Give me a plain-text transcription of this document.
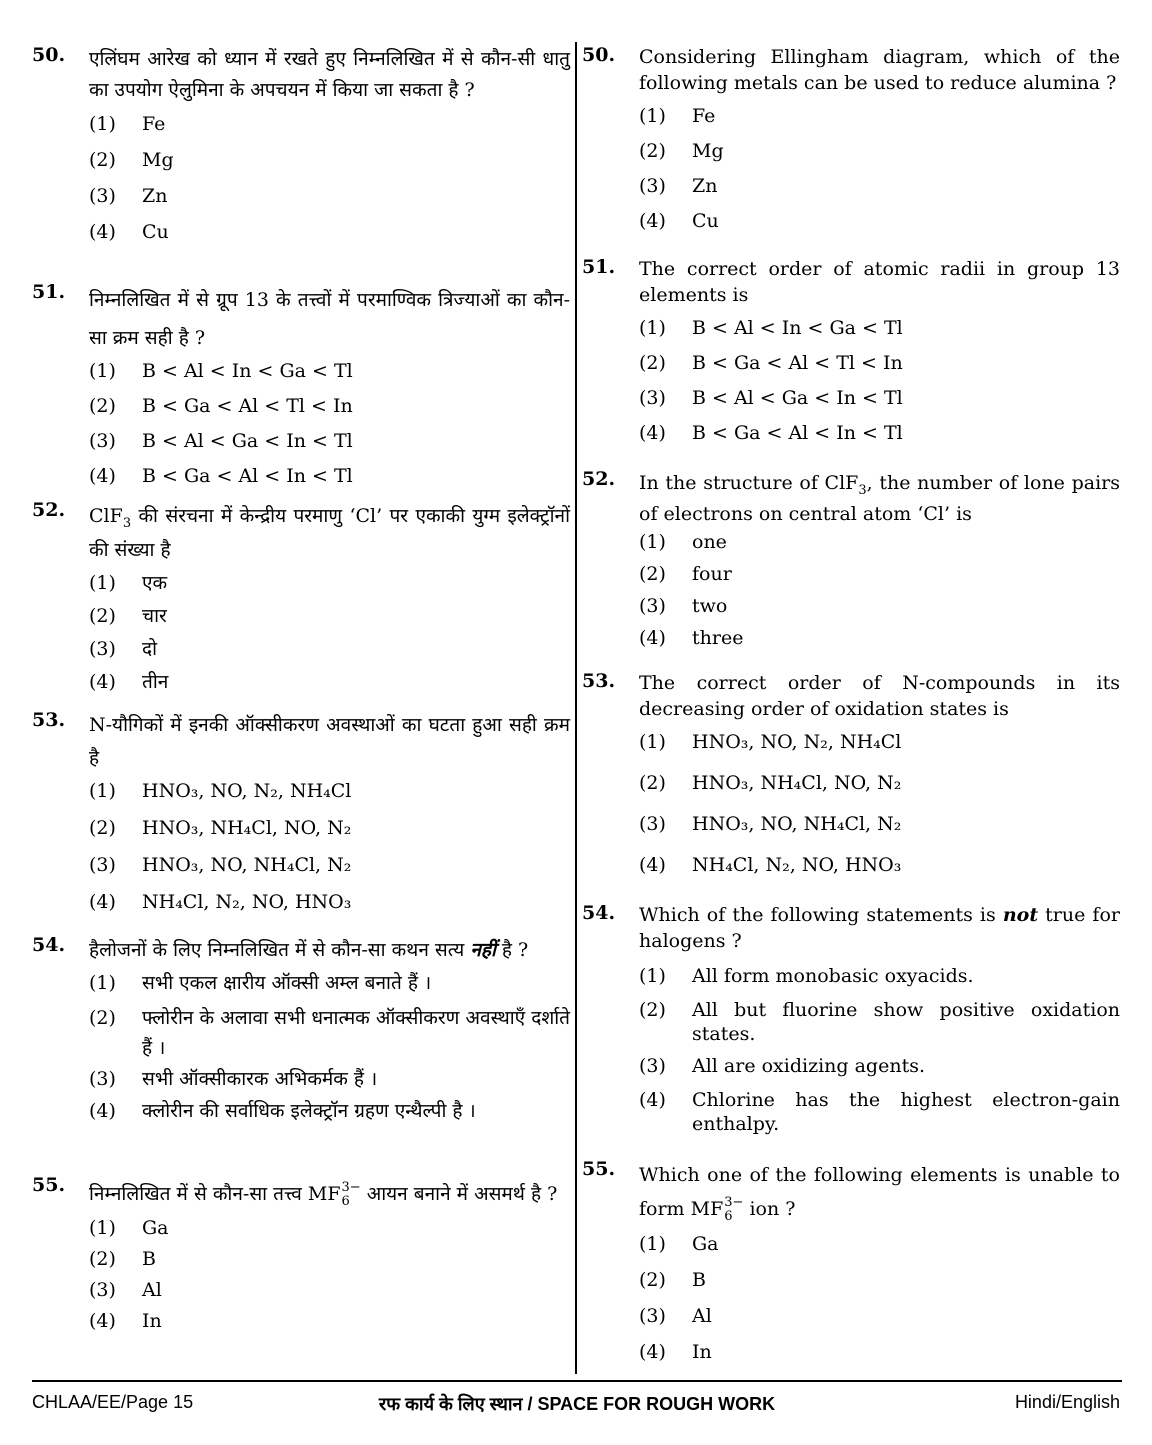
50. एलिंघम आरेख को ध्यान में रखते हुए निम्नलिखित में से कौन-सी धातु का उपयोग ऐलुमिना के अपचयन में किया जा सकता है ?
(1)	Fe
(2)	Mg
(3)	Zn
(4)	Cu
51. निम्नलिखित में से ग्रूप 13 के तत्त्वों में परमाण्विक त्रिज्याओं का कौन-सा क्रम सही है ?
(1)	B < Al < In < Ga < Tl
(2)	B < Ga < Al < Tl < In
(3)	B < Al < Ga < In < Tl
(4)	B < Ga < Al < In < Tl
52. ClF$_3$ की संरचना में केन्द्रीय परमाणु ‘Cl’ पर एकाकी युग्म इलेक्ट्रॉनों की संख्या है
(1)	एक
(2)	चार
(3)	दो
(4)	तीन
53. N-यौगिकों में इनकी ऑक्सीकरण अवस्थाओं का घटता हुआ सही क्रम है
(1)	HNO₃, NO, N₂, NH₄Cl
(2)	HNO₃, NH₄Cl, NO, N₂
(3)	HNO₃, NO, NH₄Cl, N₂
(4)	NH₄Cl, N₂, NO, HNO₃
54. हैलोजनों के लिए निम्नलिखित में से कौन-सा कथन सत्य नहीं है ?
(1)	सभी एकल क्षारीय ऑक्सी अम्ल बनाते हैं ।
(2)	फ्लोरीन के अलावा सभी धनात्मक ऑक्सीकरण अवस्थाएँ दर्शाते हैं ।
(3)	सभी ऑक्सीकारक अभिकर्मक हैं ।
(4)	क्लोरीन की सर्वाधिक इलेक्ट्रॉन ग्रहण एन्थैल्पी है ।
55. निम्नलिखित में से कौन-सा तत्त्व MF 3−
6 आयन बनाने में असमर्थ है ?
(1)	Ga
(2)	B
(3)	Al
(4)	In
50. Considering Ellingham diagram, which of the following metals can be used to reduce alumina ?
(1)	Fe
(2)	Mg
(3)	Zn
(4)	Cu
51. The correct order of atomic radii in group 13 elements is
(1)	B < Al < In < Ga < Tl
(2)	B < Ga < Al < Tl < In
(3)	B < Al < Ga < In < Tl
(4)	B < Ga < Al < In < Tl
52. In the structure of ClF$_3$, the number of lone pairs of electrons on central atom ‘Cl’ is
(1)	one
(2)	four
(3)	two
(4)	three
53. The correct order of N-compounds in its decreasing order of oxidation states is
(1)	HNO₃, NO, N₂, NH₄Cl
(2)	HNO₃, NH₄Cl, NO, N₂
(3)	HNO₃, NO, NH₄Cl, N₂
(4)	NH₄Cl, N₂, NO, HNO₃
54. Which of the following statements is not true for halogens ?
(1)	All form monobasic oxyacids.
(2)	All but fluorine show positive oxidation states.
(3)	All are oxidizing agents.
(4)	Chlorine has the highest electron-gain enthalpy.
55. Which one of the following elements is unable to form MF 3−
6 ion ?
(1)	Ga
(2)	B
(3)	Al
(4)	In
CHLAA/EE/Page 15	रफ कार्य के लिए स्थान / SPACE FOR ROUGH WORK	Hindi/English
